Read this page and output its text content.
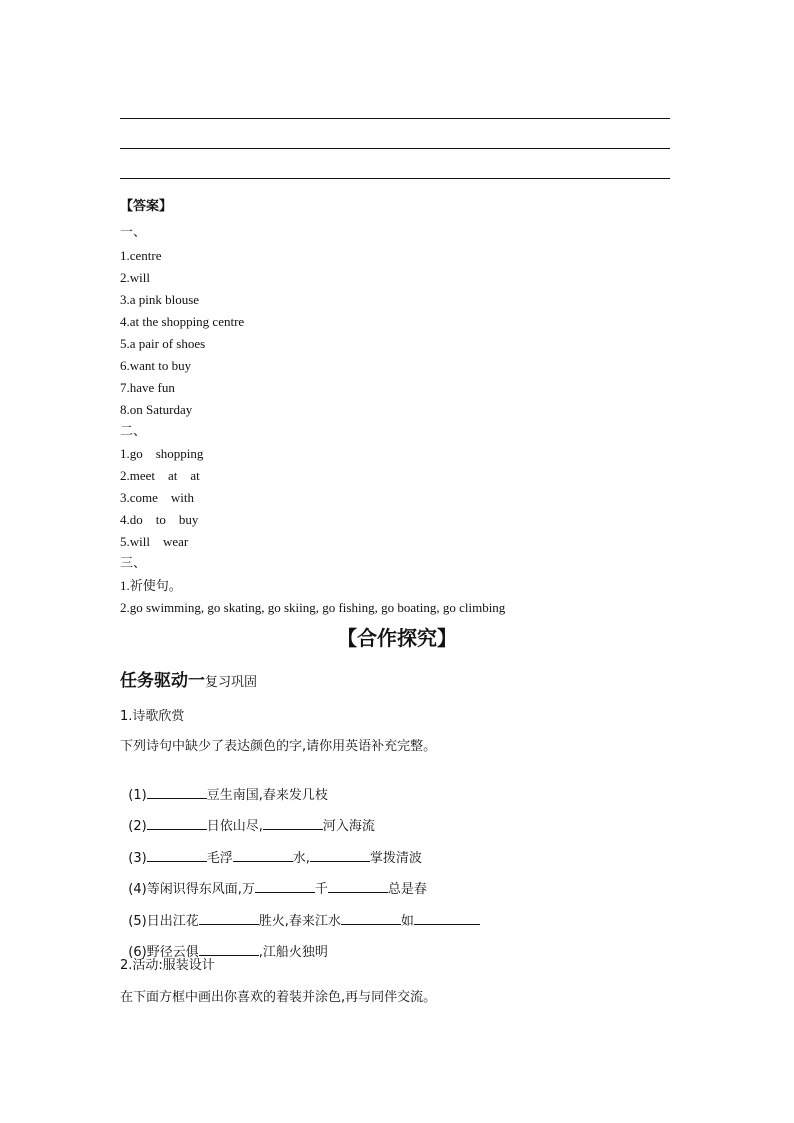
【答案】
一、
1.centre
2.will
3.a pink blouse
4.at the shopping centre
5.a pair of shoes
6.want to buy
7.have fun
8.on Saturday
二、
1.go    shopping
2.meet    at    at
3.come    with
4.do    to    buy
5.will    wear
三、
1.祈使句。
2.go swimming, go skating, go skiing, go fishing, go boating, go climbing
【合作探究】
任务驱动一复习巩固
1.诗歌欣赏
下列诗句中缺少了表达颜色的字,请你用英语补充完整。

(1)	豆生南国,春来发几枝

(2)	日依山尽,	河入海流

(3)	毛浮	水,	掌拨清波

(4)等闲识得东风面,万	千	总是春

(5)日出江花	胜火,春来江水	如

(6)野径云俱	,江船火独明

2.活动:服装设计
在下面方框中画出你喜欢的着装并涂色,再与同伴交流。
